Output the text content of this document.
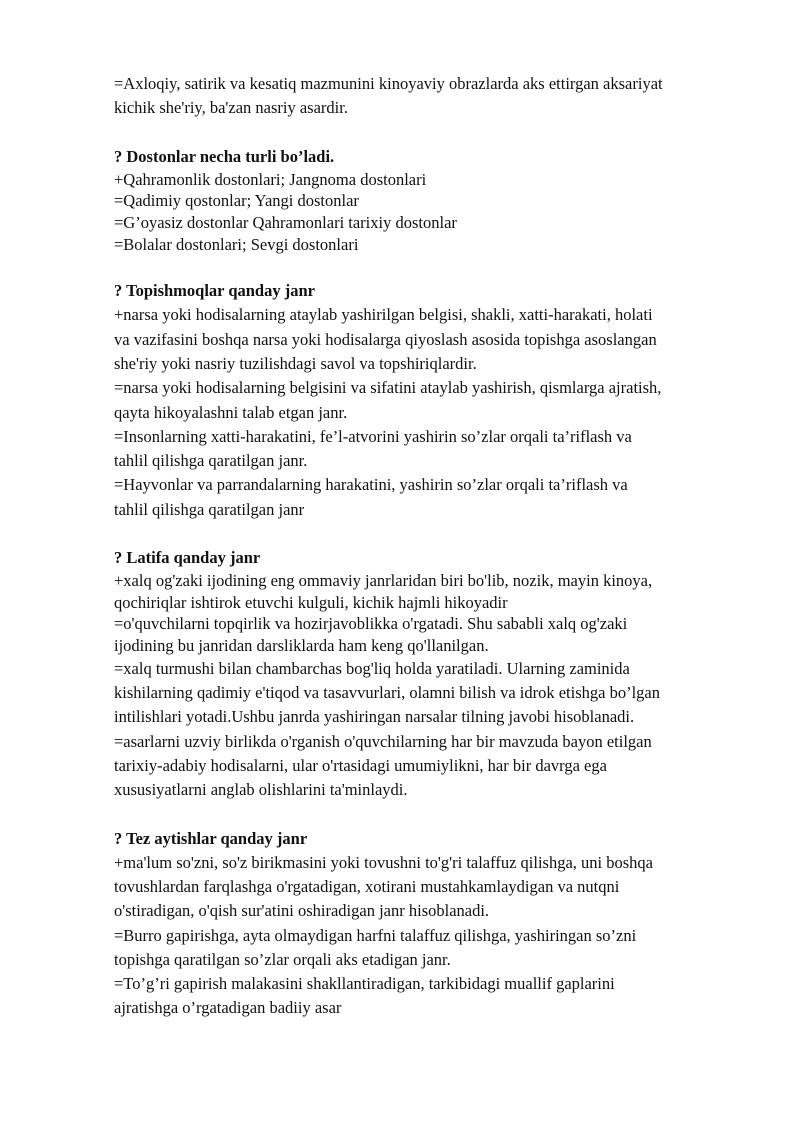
=Axloqiy, satirik va kesatiq mazmunini kinoyaviy obrazlarda aks ettirgan aksariyat
kichik she'riy, ba'zan nasriy asardir.
? Dostonlar necha turli bo’ladi.
+Qahramonlik dostonlari; Jangnoma dostonlari
=Qadimiy qostonlar; Yangi dostonlar
=G’oyasiz dostonlar Qahramonlari tarixiy dostonlar
=Bolalar dostonlari; Sevgi dostonlari
? Topishmoqlar qanday janr
+narsa yoki hodisalarning ataylab yashirilgan belgisi, shakli, xatti-harakati, holati
va vazifasini boshqa narsa yoki hodisalarga qiyoslash asosida topishga asoslangan
she'riy yoki nasriy tuzilishdagi savol va topshiriqlardir.
=narsa yoki hodisalarning belgisini va sifatini ataylab yashirish, qismlarga ajratish,
qayta hikoyalashni talab etgan janr.
=Insonlarning xatti-harakatini, fe’l-atvorini yashirin so’zlar orqali ta’riflash va
tahlil qilishga qaratilgan janr.
=Hayvonlar va parrandalarning harakatini, yashirin so’zlar orqali ta’riflash va
tahlil qilishga qaratilgan janr
? Latifa qanday janr
+xalq og'zaki ijodining eng ommaviy janrlaridan biri bo'lib, nozik, mayin kinoya,
qochiriqlar ishtirok etuvchi kulguli, kichik hajmli hikoyadir
=o'quvchilarni topqirlik va hozirjavoblikka o'rgatadi. Shu sababli xalq og'zaki
ijodining bu janridan darsliklarda ham keng qo'llanilgan.
=xalq turmushi bilan chambarchas bog'liq holda yaratiladi. Ularning zaminida
kishilarning qadimiy e'tiqod va tasavvurlari, olamni bilish va idrok etishga bo’lgan
intilishlari yotadi.Ushbu janrda yashiringan narsalar tilning javobi hisoblanadi.
=asarlarni uzviy birlikda o'rganish o'quvchilarning har bir mavzuda bayon etilgan
tarixiy-adabiy hodisalarni, ular o'rtasidagi umumiylikni, har bir davrga ega
xususiyatlarni anglab olishlarini ta'minlaydi.
? Tez aytishlar qanday janr
+ma'lum so'zni, so'z birikmasini yoki tovushni to'g'ri talaffuz qilishga, uni boshqa
tovushlardan farqlashga o'rgatadigan, xotirani mustahkamlaydigan va nutqni
o'stiradigan, o'qish sur'atini oshiradigan janr hisoblanadi.
=Burro gapirishga, ayta olmaydigan harfni talaffuz qilishga, yashiringan so’zni
topishga qaratilgan so’zlar orqali aks etadigan janr.
=To’g’ri gapirish malakasini shakllantiradigan, tarkibidagi muallif gaplarini
ajratishga o’rgatadigan badiiy asar
